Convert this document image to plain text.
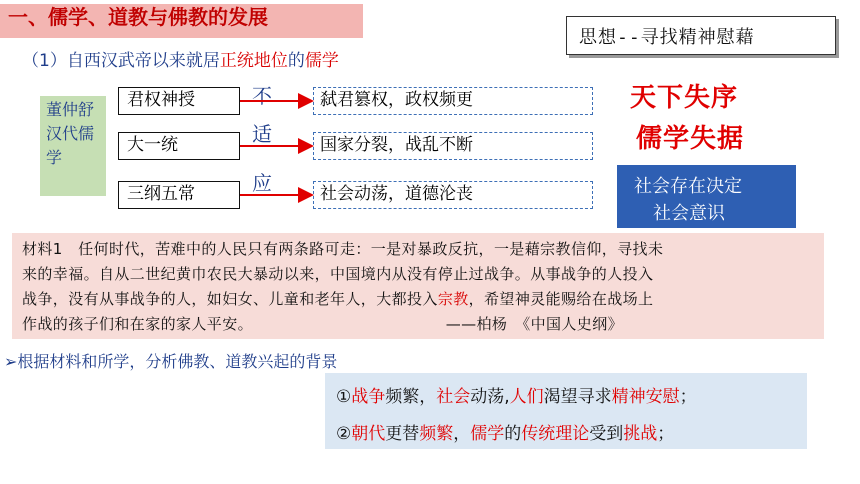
一、儒学、道教与佛教的发展
（1）自西汉武帝以来就居正统地位的儒学
思想--寻找精神慰藉
天下失序
儒学失据
社会存在决定
社会意识
董仲舒汉代儒学
君权神授
大一统
三纲五常
不
适
应
弑君篡权，政权频更
国家分裂，战乱不断
社会动荡，道德沦丧
材料1　任何时代，苦难中的人民只有两条路可走：一是对暴政反抗，一是藉宗教信仰，寻找未
来的幸福。自从二世纪黄巾农民大暴动以来，中国境内从没有停止过战争。从事战争的人投入
战争，没有从事战争的人，如妇女、儿童和老年人，大都投入宗教，希望神灵能赐给在战场上
作战的孩子们和在家的家人平安。　　　　　　　　　　　　　——柏杨　《中国人史纲》
➢根据材料和所学，分析佛教、道教兴起的背景
①战争频繁，社会动荡,人们渴望寻求精神安慰；
②朝代更替频繁，儒学的传统理论受到挑战；
